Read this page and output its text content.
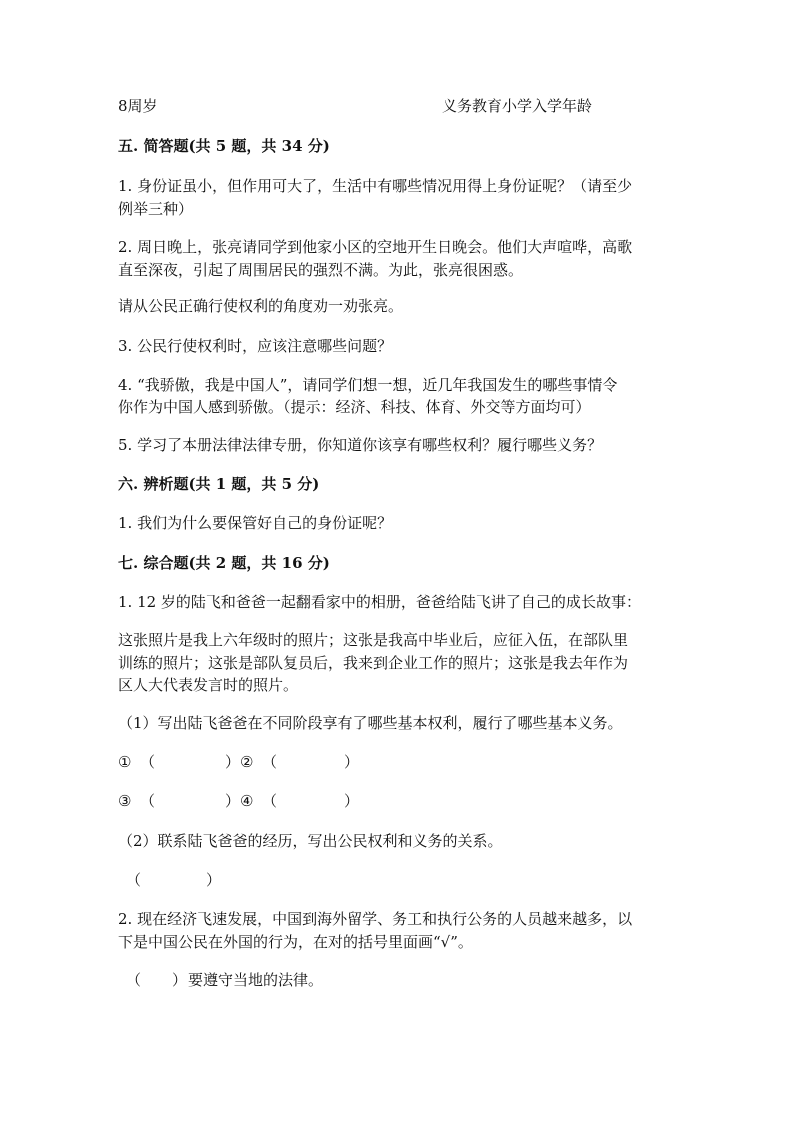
8周岁	义务教育小学入学年龄
五. 简答题(共 5 题，共 34 分)
1. 身份证虽小，但作用可大了，生活中有哪些情况用得上身份证呢？（请至少
例举三种）
2. 周日晚上，张亮请同学到他家小区的空地开生日晚会。他们大声喧哗，高歌
直至深夜，引起了周围居民的强烈不满。为此，张亮很困惑。
请从公民正确行使权利的角度劝一劝张亮。
3. 公民行使权利时，应该注意哪些问题？
4. “我骄傲，我是中国人”，请同学们想一想，近几年我国发生的哪些事情令
你作为中国人感到骄傲。（提示：经济、科技、体育、外交等方面均可）
5. 学习了本册法律法律专册，你知道你该享有哪些权利？履行哪些义务？
六. 辨析题(共 1 题，共 5 分)
1. 我们为什么要保管好自己的身份证呢？
七. 综合题(共 2 题，共 16 分)
1. 12 岁的陆飞和爸爸一起翻看家中的相册，爸爸给陆飞讲了自己的成长故事：
这张照片是我上六年级时的照片；这张是我高中毕业后，应征入伍，在部队里
训练的照片；这张是部队复员后，我来到企业工作的照片；这张是我去年作为
区人大代表发言时的照片。
（1）写出陆飞爸爸在不同阶段享有了哪些基本权利，履行了哪些基本义务。
① （	） ② （	）
③ （	） ④ （	）
（2）联系陆飞爸爸的经历，写出公民权利和义务的关系。
（	）
2. 现在经济飞速发展，中国到海外留学、务工和执行公务的人员越来越多，以
下是中国公民在外国的行为，在对的括号里面画“√”。
（ ） 要遵守当地的法律。
